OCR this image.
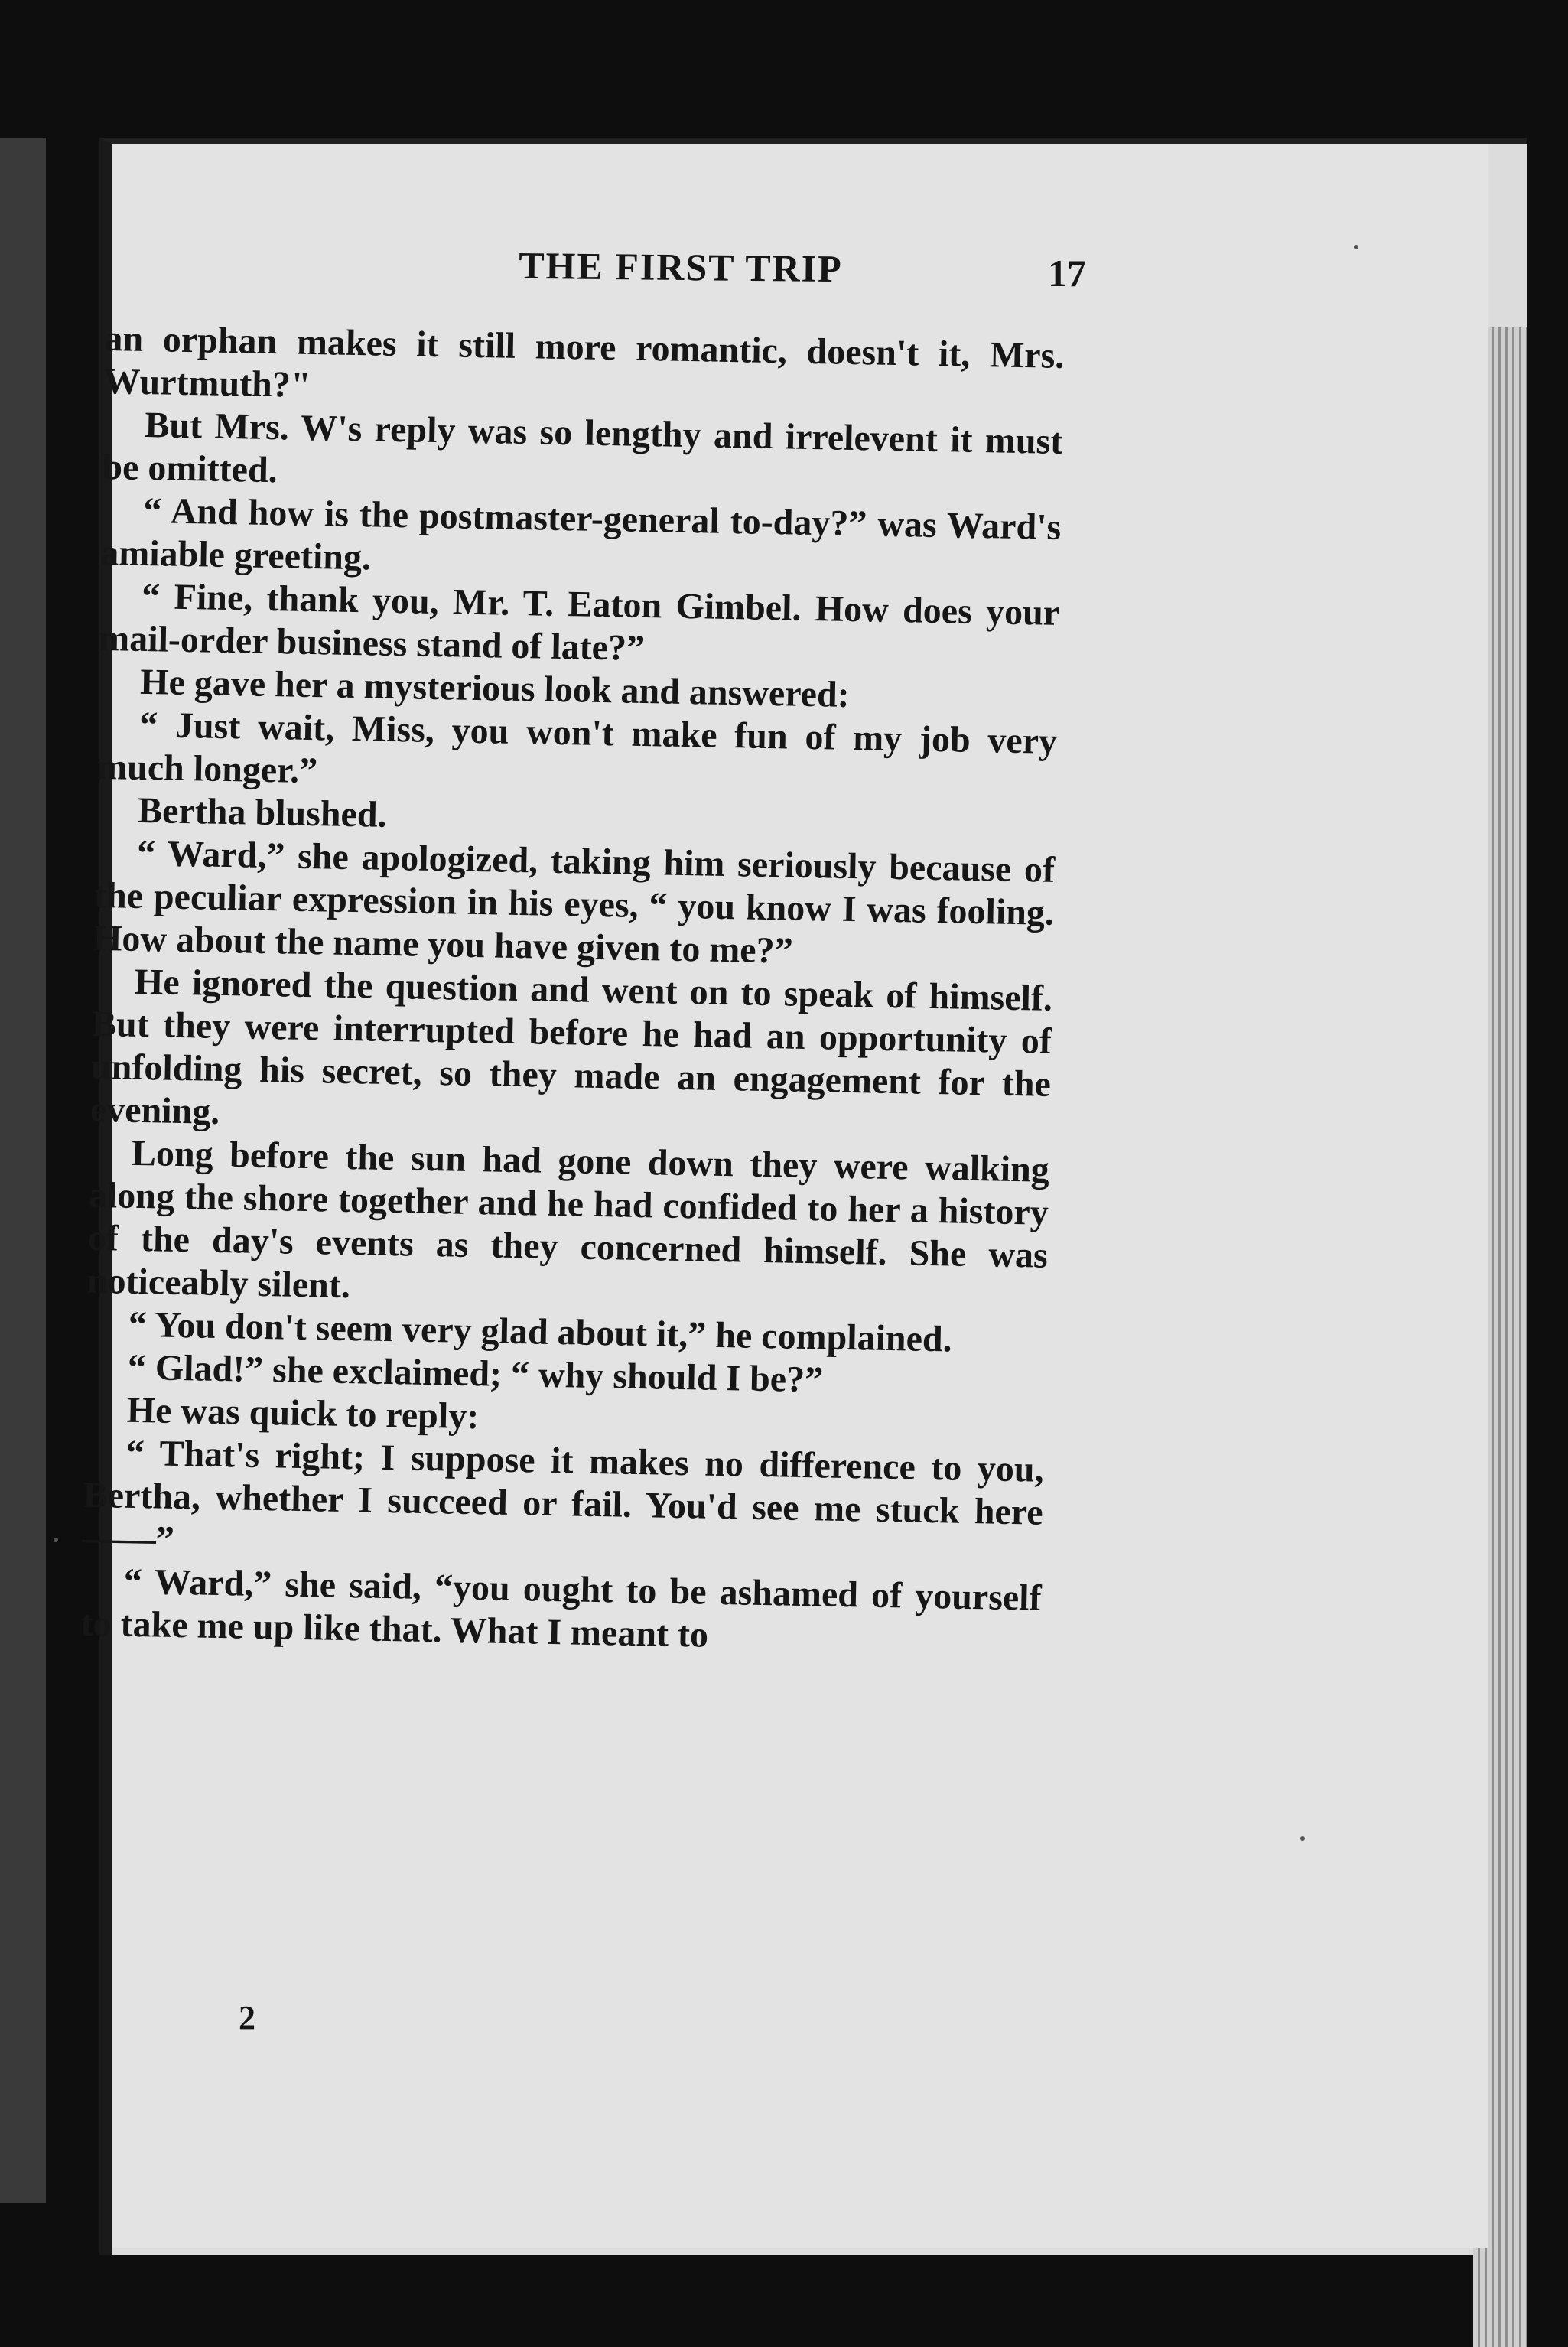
THE FIRST TRIP	17

an orphan makes it still more romantic, doesn't it, Mrs. Wurtmuth?"

But Mrs. W's reply was so lengthy and irrelevent it must be omitted.

“ And how is the postmaster-general to-day?” was Ward's amiable greeting.

“ Fine, thank you, Mr. T. Eaton Gimbel. How does your mail-order business stand of late?”

He gave her a mysterious look and answered:

“ Just wait, Miss, you won't make fun of my job very much longer.”

Bertha blushed.

“ Ward,” she apologized, taking him seriously because of the peculiar expression in his eyes, “ you know I was fooling. How about the name you have given to me?”

He ignored the question and went on to speak of himself. But they were interrupted before he had an opportunity of unfolding his secret, so they made an engagement for the evening.

Long before the sun had gone down they were walking along the shore together and he had confided to her a history of the day's events as they concerned himself. She was noticeably silent.

“ You don't seem very glad about it,” he complained.

“ Glad!” she exclaimed; “ why should I be?”

He was quick to reply:

“ That's right; I suppose it makes no difference to you, Bertha, whether I succeed or fail. You'd see me stuck here——”

“ Ward,” she said, “you ought to be ashamed of yourself to take me up like that. What I meant to

2
